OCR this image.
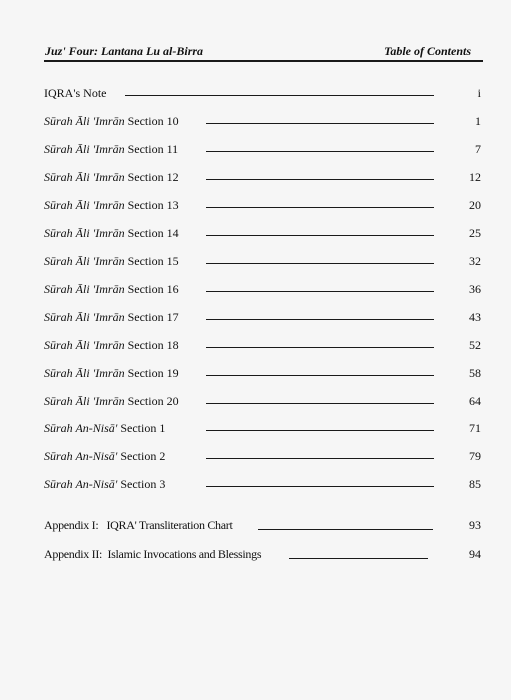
Juz' Four: Lantana Lu al-Birra	Table of Contents
IQRA's Note	i
Sūrah Āli 'Imrān Section 10	1
Sūrah Āli 'Imrān Section 11	7
Sūrah Āli 'Imrān Section 12	12
Sūrah Āli 'Imrān Section 13	20
Sūrah Āli 'Imrān Section 14	25
Sūrah Āli 'Imrān Section 15	32
Sūrah Āli 'Imrān Section 16	36
Sūrah Āli 'Imrān Section 17	43
Sūrah Āli 'Imrān Section 18	52
Sūrah Āli 'Imrān Section 19	58
Sūrah Āli 'Imrān Section 20	64
Sūrah An-Nisā' Section 1	71
Sūrah An-Nisā' Section 2	79
Sūrah An-Nisā' Section 3	85
Appendix I:   IQRA' Transliteration Chart	93
Appendix II:  Islamic Invocations and Blessings	94
